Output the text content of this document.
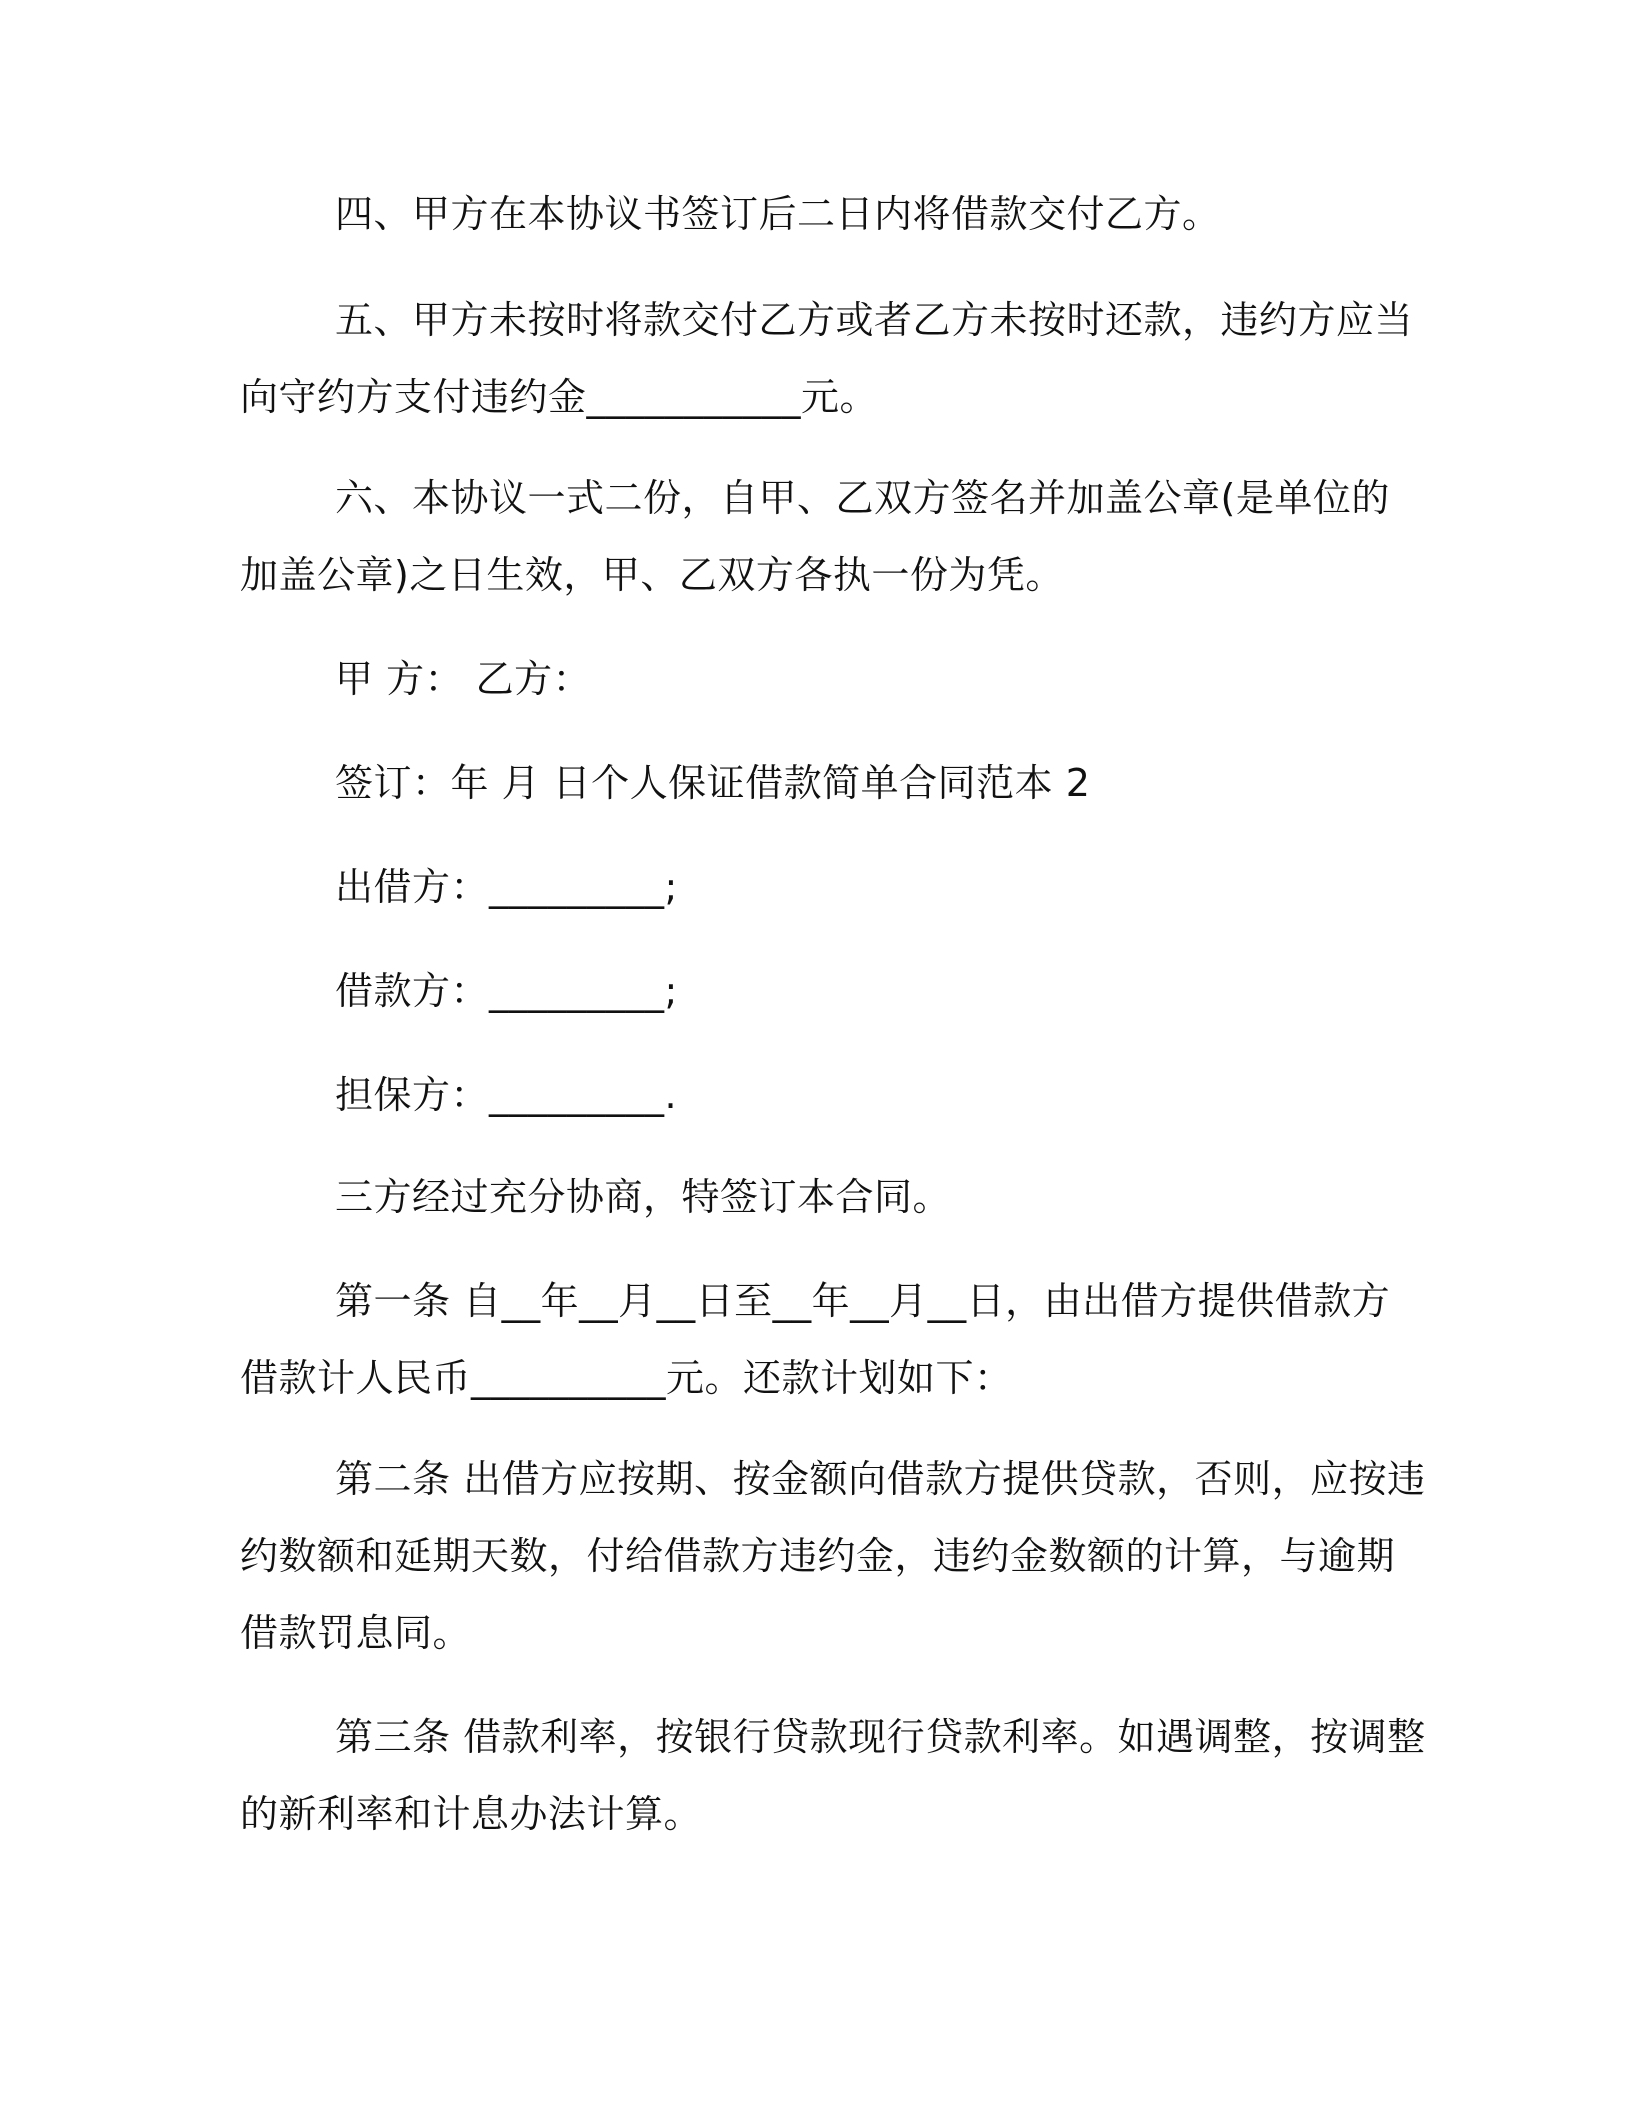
四、甲方在本协议书签订后二日内将借款交付乙方。

五、甲方未按时将款交付乙方或者乙方未按时还款，违约方应当
向守约方支付违约金___________元。

六、本协议一式二份，自甲、乙双方签名并加盖公章(是单位的
加盖公章)之日生效，甲、乙双方各执一份为凭。

甲 方： 乙方：

签订：年 月 日个人保证借款简单合同范本 2

出借方：_________;

借款方：_________;

担保方：_________.

三方经过充分协商，特签订本合同。

第一条 自__年__月__日至__年__月__日，由出借方提供借款方
借款计人民币__________元。还款计划如下：

第二条 出借方应按期、按金额向借款方提供贷款，否则，应按违
约数额和延期天数，付给借款方违约金，违约金数额的计算，与逾期
借款罚息同。

第三条 借款利率，按银行贷款现行贷款利率。如遇调整，按调整
的新利率和计息办法计算。
